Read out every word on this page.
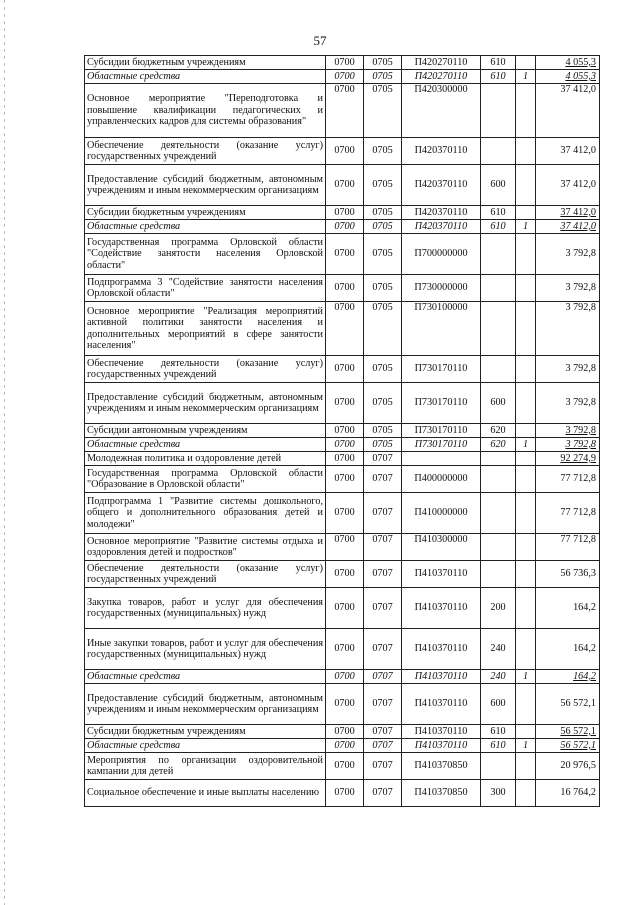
57
Субсидии бюджетным учреждениям	0700	0705	П420270110	610		4 055,3
Областные средства	0700	0705	П420270110	610	1	4 055,3
Основное мероприятие "Переподготовка и повышение квалификации педагогических и управленческих кадров для системы образования"	0700	0705	П420300000			37 412,0
Обеспечение деятельности (оказание услуг) государственных учреждений	0700	0705	П420370110			37 412,0
Предоставление субсидий бюджетным, автономным учреждениям и иным некоммерческим организациям	0700	0705	П420370110	600		37 412,0
Субсидии бюджетным учреждениям	0700	0705	П420370110	610		37 412,0
Областные средства	0700	0705	П420370110	610	1	37 412,0
Государственная программа Орловской области "Содействие занятости населения Орловской области"	0700	0705	П700000000			3 792,8
Подпрограмма 3 "Содействие занятости населения Орловской области"	0700	0705	П730000000			3 792,8
Основное мероприятие "Реализация мероприятий активной политики занятости населения и дополнительных мероприятий в сфере занятости населения"	0700	0705	П730100000			3 792,8
Обеспечение деятельности (оказание услуг) государственных учреждений	0700	0705	П730170110			3 792,8
Предоставление субсидий бюджетным, автономным учреждениям и иным некоммерческим организациям	0700	0705	П730170110	600		3 792,8
Субсидии автономным учреждениям	0700	0705	П730170110	620		3 792,8
Областные средства	0700	0705	П730170110	620	1	3 792,8
Молодежная политика и оздоровление детей	0700	0707				92 274,9
Государственная программа Орловской области "Образование в Орловской области"	0700	0707	П400000000			77 712,8
Подпрограмма 1 "Развитие системы дошкольного, общего и дополнительного образования детей и молодежи"	0700	0707	П410000000			77 712,8
Основное мероприятие "Развитие системы отдыха и оздоровления детей и подростков"	0700	0707	П410300000			77 712,8
Обеспечение деятельности (оказание услуг) государственных учреждений	0700	0707	П410370110			56 736,3
Закупка товаров, работ и услуг для обеспечения государственных (муниципальных) нужд	0700	0707	П410370110	200		164,2
Иные закупки товаров, работ и услуг для обеспечения государственных (муниципальных) нужд	0700	0707	П410370110	240		164,2
Областные средства	0700	0707	П410370110	240	1	164,2
Предоставление субсидий бюджетным, автономным учреждениям и иным некоммерческим организациям	0700	0707	П410370110	600		56 572,1
Субсидии бюджетным учреждениям	0700	0707	П410370110	610		56 572,1
Областные средства	0700	0707	П410370110	610	1	56 572,1
Мероприятия по организации оздоровительной кампании для детей	0700	0707	П410370850			20 976,5
Социальное обеспечение и иные выплаты населению	0700	0707	П410370850	300		16 764,2
